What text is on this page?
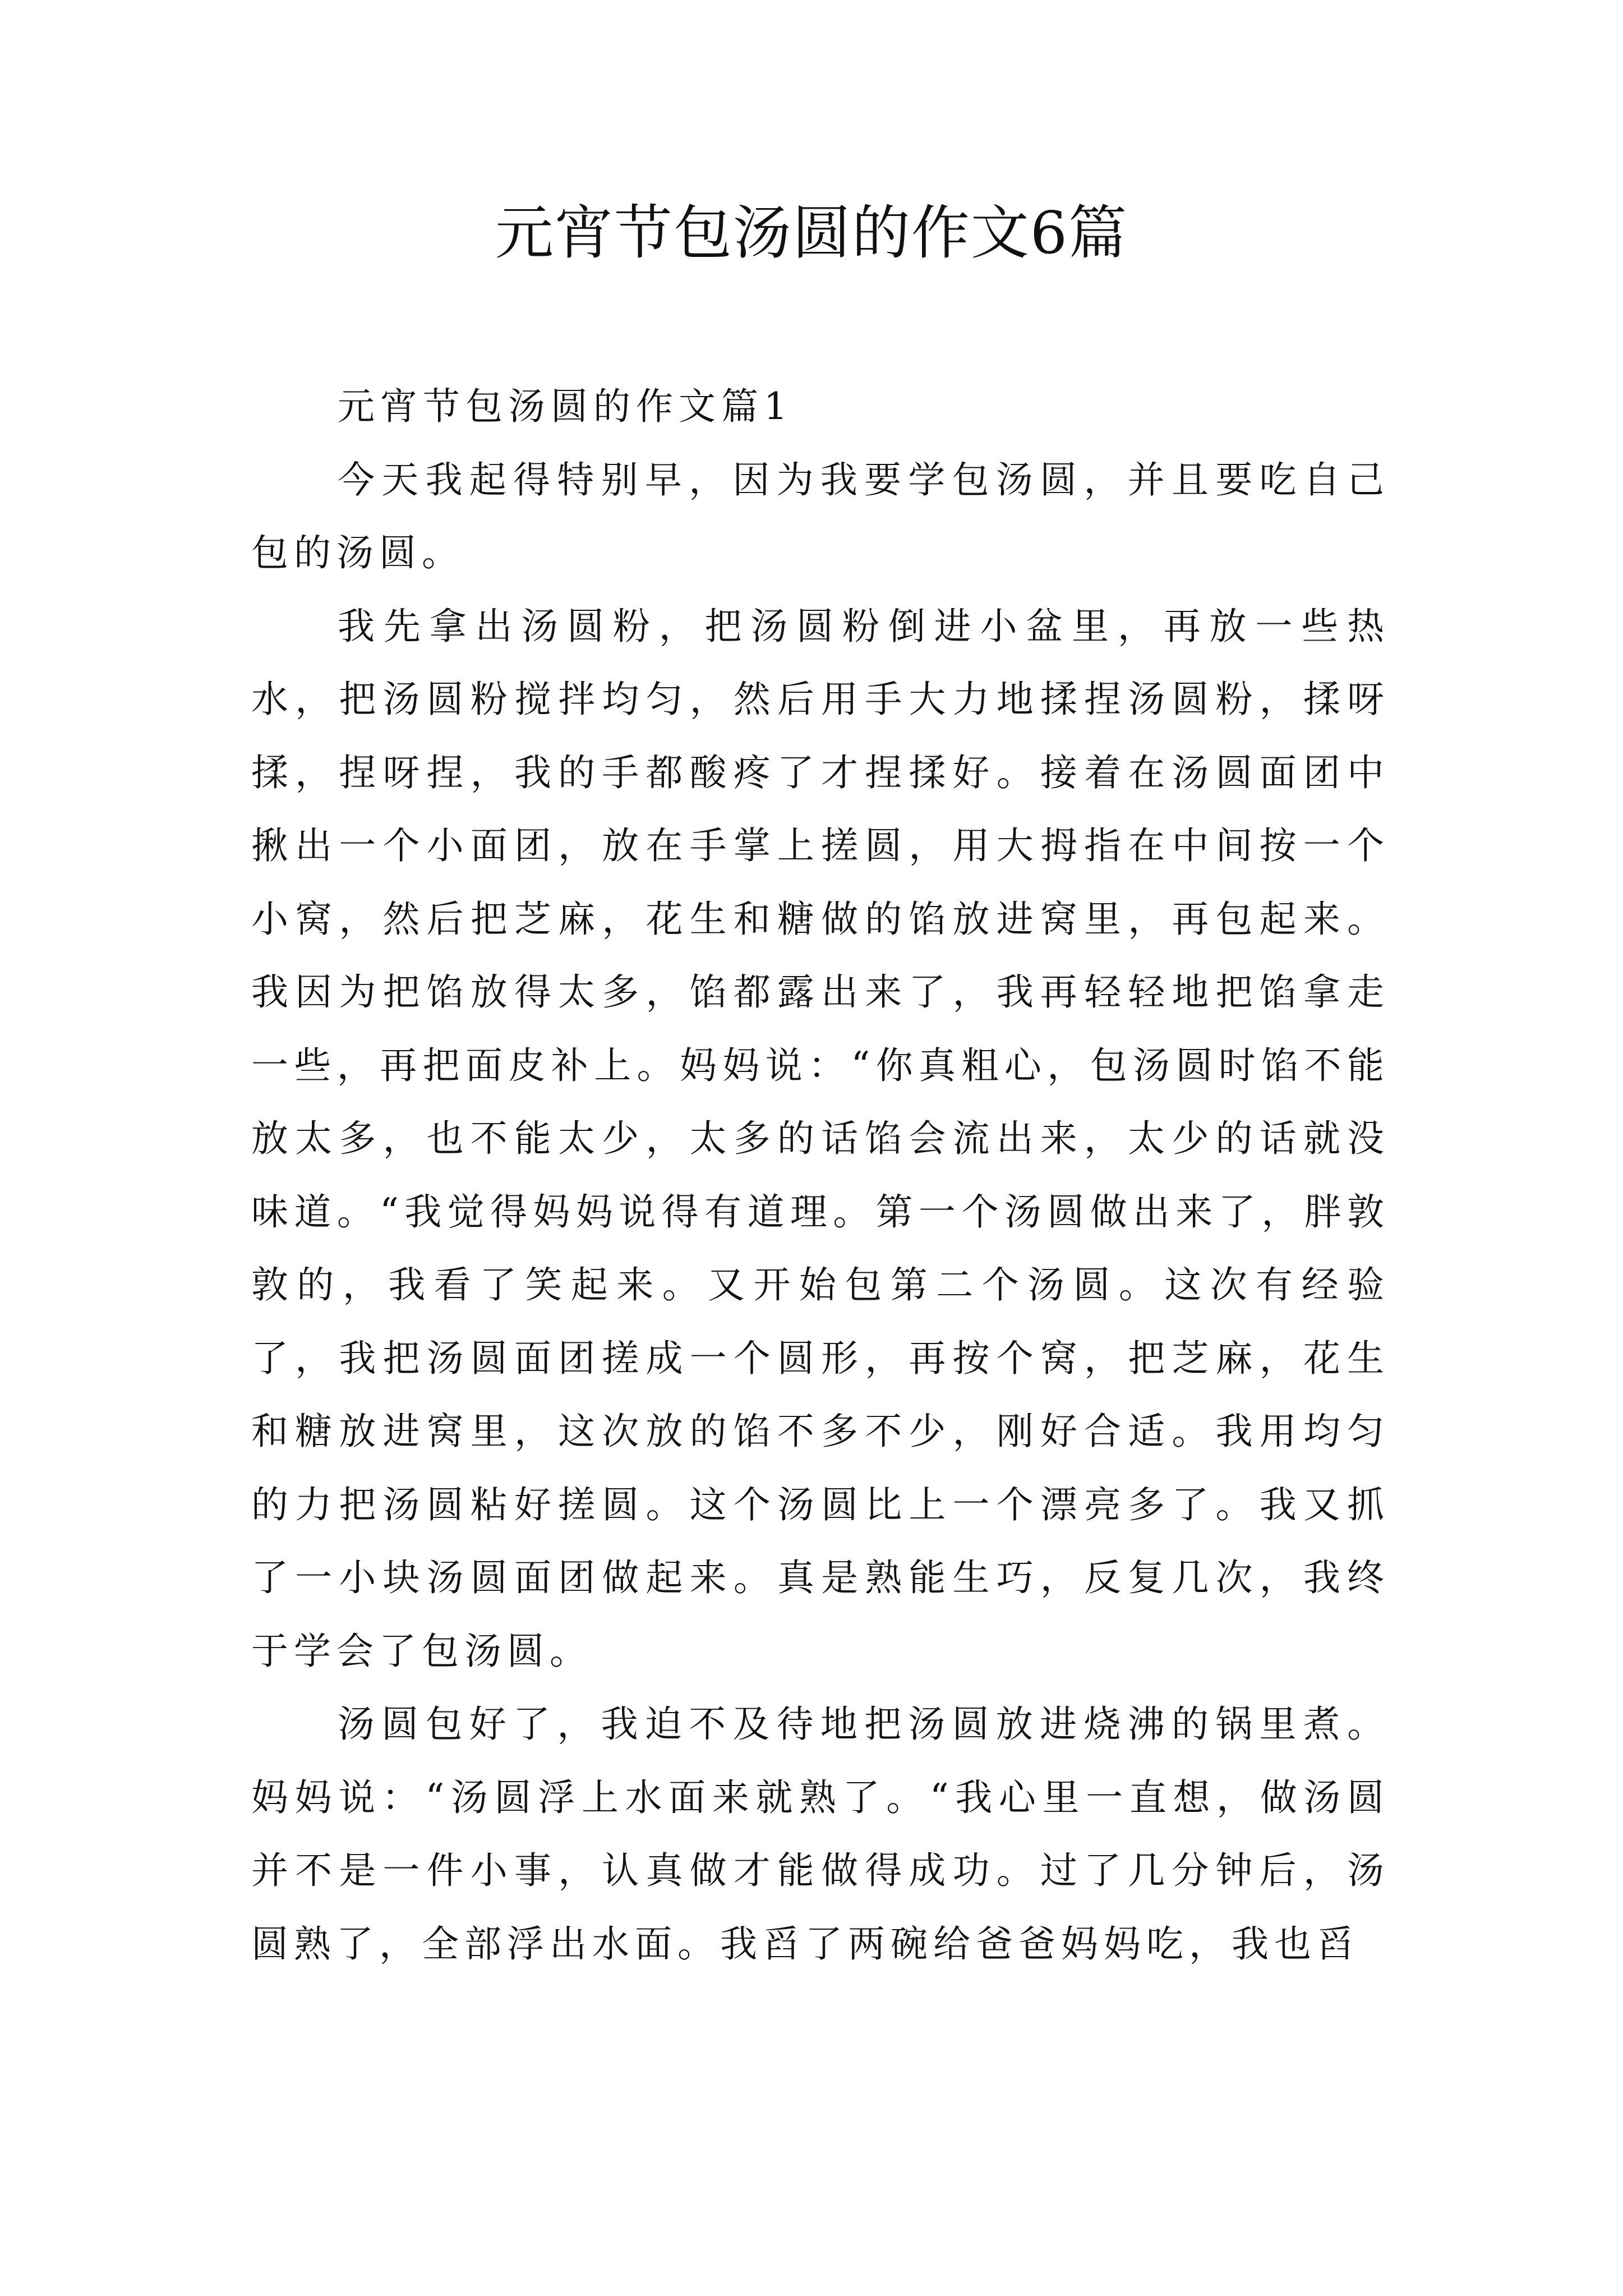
元宵节包汤圆的作文6篇
元宵节包汤圆的作文篇1

今天我起得特别早，因为我要学包汤圆，并且要吃自己包的汤圆。

我先拿出汤圆粉，把汤圆粉倒进小盆里，再放一些热水，把汤圆粉搅拌均匀，然后用手大力地揉捏汤圆粉，揉呀揉，捏呀捏，我的手都酸疼了才捏揉好。接着在汤圆面团中揪出一个小面团，放在手掌上搓圆，用大拇指在中间按一个小窝，然后把芝麻，花生和糖做的馅放进窝里，再包起来。我因为把馅放得太多，馅都露出来了，我再轻轻地把馅拿走一些，再把面皮补上。妈妈说：“你真粗心，包汤圆时馅不能放太多，也不能太少，太多的话馅会流出来，太少的话就没味道。“我觉得妈妈说得有道理。第一个汤圆做出来了，胖敦敦的，我看了笑起来。又开始包第二个汤圆。这次有经验了，我把汤圆面团搓成一个圆形，再按个窝，把芝麻，花生和糖放进窝里，这次放的馅不多不少，刚好合适。我用均匀的力把汤圆粘好搓圆。这个汤圆比上一个漂亮多了。我又抓了一小块汤圆面团做起来。真是熟能生巧，反复几次，我终于学会了包汤圆。

汤圆包好了，我迫不及待地把汤圆放进烧沸的锅里煮。妈妈说：“汤圆浮上水面来就熟了。“我心里一直想，做汤圆并不是一件小事，认真做才能做得成功。过了几分钟后，汤圆熟了，全部浮出水面。我舀了两碗给爸爸妈妈吃，我也舀
